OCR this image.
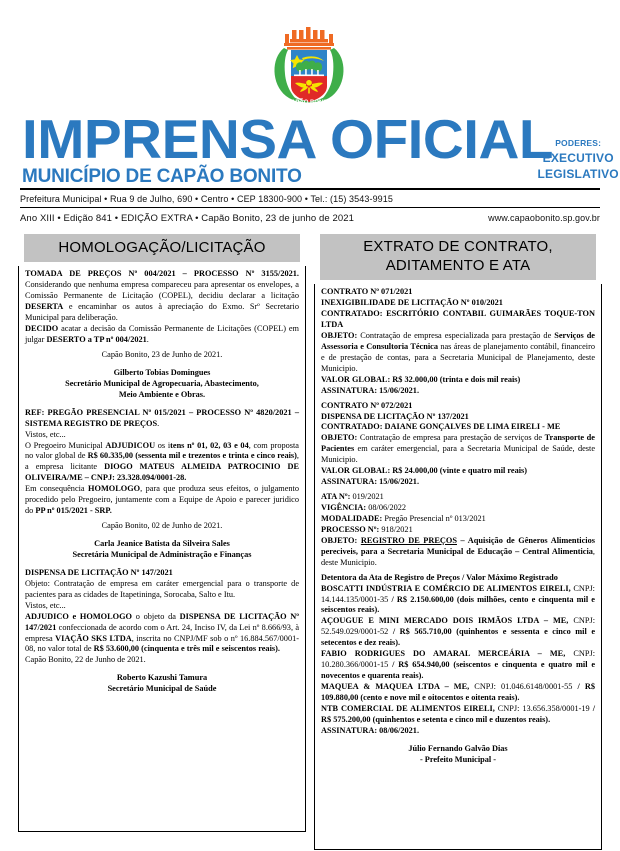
CAPÃO BONITO
IMPRENSA OFICIAL
MUNICÍPIO DE CAPÃO BONITO
PODERES:
EXECUTIVO
LEGISLATIVO
Prefeitura Municipal • Rua 9 de Julho, 690 • Centro • CEP 18300-900 • Tel.: (15) 3543-9915
Ano XIII • Edição 841 • EDIÇÃO EXTRA • Capão Bonito, 23 de junho de 2021	www.capaobonito.sp.gov.br
HOMOLOGAÇÃO/LICITAÇÃO

TOMADA DE PREÇOS Nº 004/2021 – PROCESSO Nº 3155/2021. Considerando que nenhuma empresa compareceu para apresentar os envelopes, a Comissão Permanente de Licitação (COPEL), decidiu declarar a licitação DESERTA e encaminhar os autos à apreciação do Exmo. Srº Secretario Municipal para deliberação.

DECIDO acatar a decisão da Comissão Permanente de Licitações (COPEL) em julgar DESERTO a TP nº 004/2021.

Capão Bonito, 23 de Junho de 2021.

Gilberto Tobias Domingues

Secretário Municipal de Agropecuaria, Abastecimento,

Meio Ambiente e Obras.

REF: PREGÃO PRESENCIAL Nº 015/2021 – PROCESSO Nº 4820/2021 – SISTEMA REGISTRO DE PREÇOS.

Vistos, etc...

O Pregoeiro Municipal ADJUDICOU os itens nº 01, 02, 03 e 04, com proposta no valor global de R$ 60.335,00 (sessenta mil e trezentos e trinta e cinco reais), a empresa licitante DIOGO MATEUS ALMEIDA PATROCINIO DE OLIVEIRA/ME – CNPJ: 23.328.094/0001-28.

Em consequência HOMOLOGO, para que produza seus efeitos, o julgamento procedido pelo Pregoeiro, juntamente com a Equipe de Apoio e parecer juridico do PP nº 015/2021 - SRP.

Capão Bonito, 02 de Junho de 2021.

Carla Jeanice Batista da Silveira Sales

Secretária Municipal de Administração e Finanças

DISPENSA DE LICITAÇÃO Nº 147/2021

Objeto: Contratação de empresa em caráter emergencial para o transporte de pacientes para as cidades de Itapetininga, Sorocaba, Salto e Itu.

Vistos, etc...

ADJUDICO e HOMOLOGO o objeto da DISPENSA DE LICITAÇÃO Nº 147/2021 confeccionada de acordo com o Art. 24, Inciso IV, da Lei nº 8.666/93, à empresa VIAÇÃO SKS LTDA, inscrita no CNPJ/MF sob o nº 16.884.567/0001-08, no valor total de R$ 53.600,00 (cinquenta e três mil e seiscentos reais).

Capão Bonito, 22 de Junho de 2021.

Roberto Kazushi Tamura

Secretário Municipal de Saúde

EXTRATO DE CONTRATO, ADITAMENTO E ATA

CONTRATO Nº 071/2021

INEXIGIBILIDADE DE LICITAÇÃO Nº 010/2021

CONTRATADO: ESCRITÓRIO CONTABIL GUIMARÃES TOQUE-TON LTDA

OBJETO: Contratação de empresa especializada para prestação de Serviços de Assessoria e Consultoria Técnica nas áreas de planejamento contábil, financeiro e de prestação de contas, para a Secretaria Municipal de Planejamento, deste Municipio.

VALOR GLOBAL: R$ 32.000,00 (trinta e dois mil reais)

ASSINATURA: 15/06/2021.

CONTRATO Nº 072/2021

DISPENSA DE LICITAÇÃO Nº 137/2021

CONTRATADO: DAIANE GONÇALVES DE LIMA EIRELI - ME

OBJETO: Contratação de empresa para prestação de serviços de Transporte de Pacientes em caráter emergencial, para a Secretaria Municipal de Saúde, deste Municipio.

VALOR GLOBAL: R$ 24.000,00 (vinte e quatro mil reais)

ASSINATURA: 15/06/2021.

ATA Nº: 019/2021

VIGÊNCIA: 08/06/2022

MODALIDADE: Pregão Presencial nº 013/2021

PROCESSO Nº: 918/2021

OBJETO: REGISTRO DE PREÇOS – Aquisição de Gêneros Alimenticios pereciveis, para a Secretaria Municipal de Educação – Central Alimenticia, deste Municipio.

Detentora da Ata de Registro de Preços / Valor Máximo Registrado

BOSCATTI INDÚSTRIA E COMÉRCIO DE ALIMENTOS EIRELI, CNPJ: 14.144.135/0001-35 / R$ 2.150.600,00 (dois milhões, cento e cinquenta mil e seiscentos reais).

AÇOUGUE E MINI MERCADO DOIS IRMÃOS LTDA – ME, CNPJ: 52.549.029/0001-52 / R$ 565.710,00 (quinhentos e sessenta e cinco mil e setecentos e dez reais).

FABIO RODRIGUES DO AMARAL MERCEÁRIA – ME, CNPJ: 10.280.366/0001-15 / R$ 654.940,00 (seiscentos e cinquenta e quatro mil e novecentos e quarenta reais).

MAQUEA & MAQUEA LTDA – ME, CNPJ: 01.046.6148/0001-55 / R$ 109.880,00 (cento e nove mil e oitocentos e oitenta reais).

NTB COMERCIAL DE ALIMENTOS EIRELI, CNPJ: 13.656.358/0001-19 / R$ 575.200,00 (quinhentos e setenta e cinco mil e duzentos reais).

ASSINATURA: 08/06/2021.

Júlio Fernando Galvão Dias

- Prefeito Municipal -
